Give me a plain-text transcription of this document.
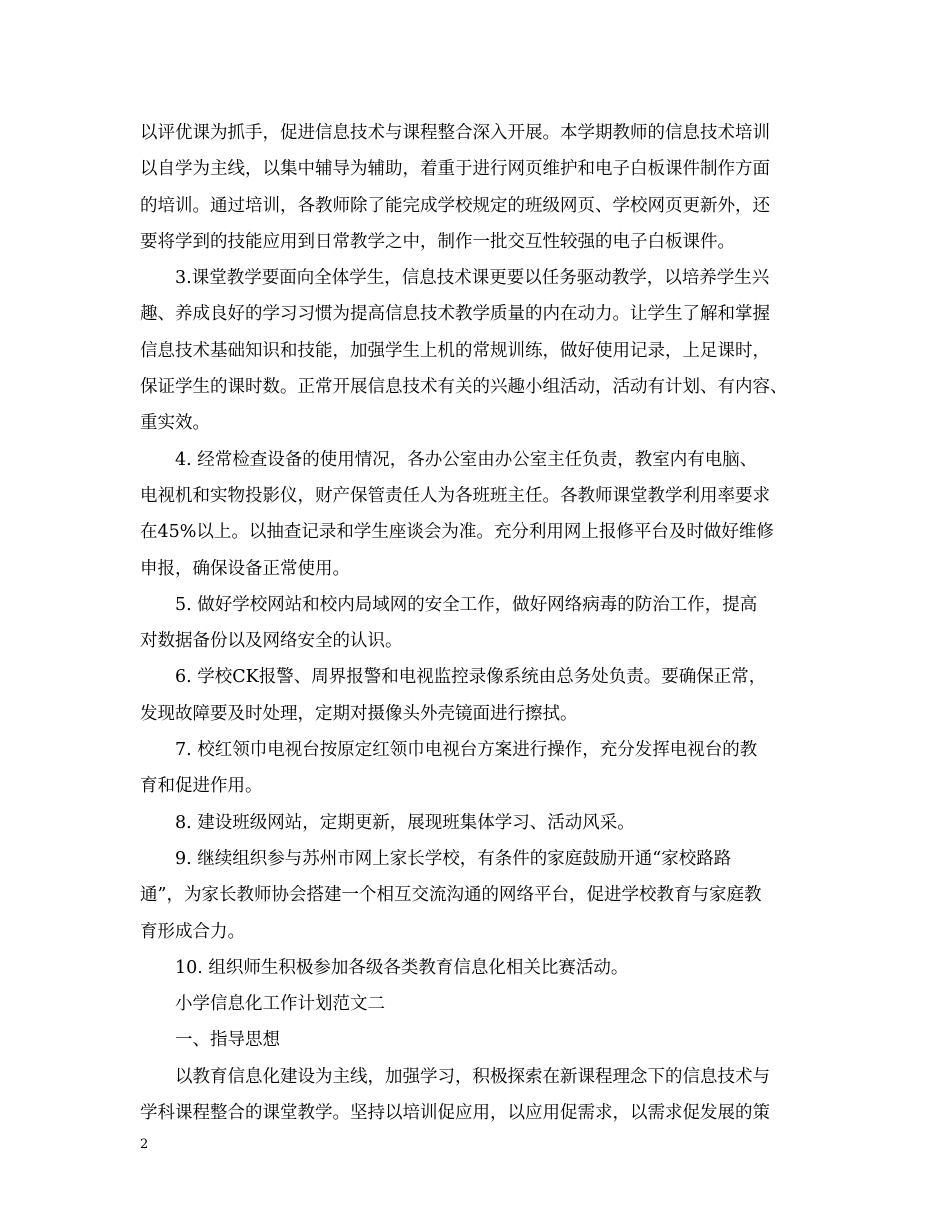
以评优课为抓手，促进信息技术与课程整合深入开展。本学期教师的信息技术培训
以自学为主线，以集中辅导为辅助，着重于进行网页维护和电子白板课件制作方面
的培训。通过培训，各教师除了能完成学校规定的班级网页、学校网页更新外，还
要将学到的技能应用到日常教学之中，制作一批交互性较强的电子白板课件。
3.课堂教学要面向全体学生，信息技术课更要以任务驱动教学，以培养学生兴
趣、养成良好的学习习惯为提高信息技术教学质量的内在动力。让学生了解和掌握
信息技术基础知识和技能，加强学生上机的常规训练，做好使用记录，上足课时，
保证学生的课时数。正常开展信息技术有关的兴趣小组活动，活动有计划、有内容、
重实效。
4. 经常检查设备的使用情况，各办公室由办公室主任负责，教室内有电脑、
电视机和实物投影仪，财产保管责任人为各班班主任。各教师课堂教学利用率要求
在45%以上。以抽查记录和学生座谈会为准。充分利用网上报修平台及时做好维修
申报，确保设备正常使用。
5. 做好学校网站和校内局域网的安全工作，做好网络病毒的防治工作，提高
对数据备份以及网络安全的认识。
6. 学校CK报警、周界报警和电视监控录像系统由总务处负责。要确保正常，
发现故障要及时处理，定期对摄像头外壳镜面进行擦拭。
7. 校红领巾电视台按原定红领巾电视台方案进行操作，充分发挥电视台的教
育和促进作用。
8. 建设班级网站，定期更新，展现班集体学习、活动风采。
9. 继续组织参与苏州市网上家长学校，有条件的家庭鼓励开通“家校路路
通”，为家长教师协会搭建一个相互交流沟通的网络平台，促进学校教育与家庭教
育形成合力。
10. 组织师生积极参加各级各类教育信息化相关比赛活动。
小学信息化工作计划范文二
一、指导思想
以教育信息化建设为主线，加强学习，积极探索在新课程理念下的信息技术与
学科课程整合的课堂教学。坚持以培训促应用，以应用促需求，以需求促发展的策
2
